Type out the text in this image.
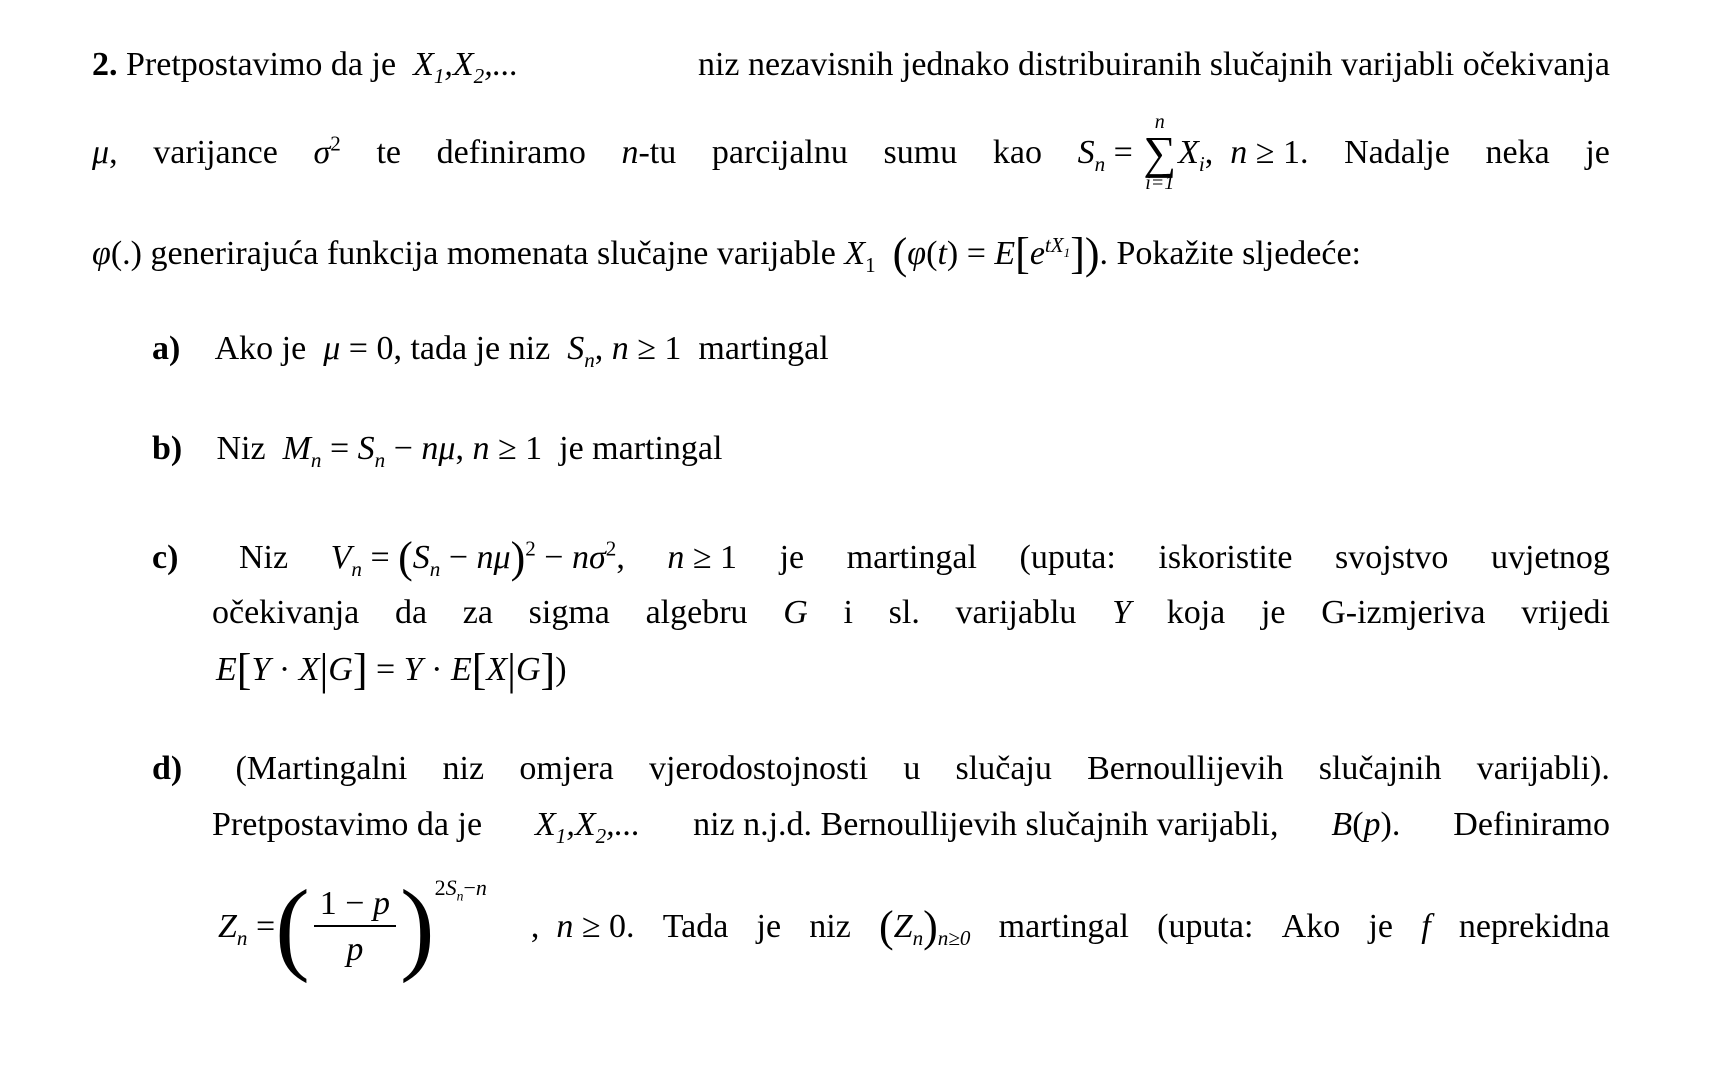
2. Pretpostavimo da je  $X_1,X_2$,...	niz nezavisnih jednako distribuiranih slučajnih varijabli očekivanja
μ, varijance $\sigma^2$ te definiramo n-tu parcijalnu sumu kao $S_n$ =
n
∑
i=1
$X_i$ , n ≥ 1. Nadalje neka je
φ(.) generirajuća funkcija momenata slučajne varijable $X_1$ $(\varphi(t) = E[e^{tX_1}])$. Pokažite sljedeće:
a) Ako je μ = 0, tada je niz $S_n$, n ≥ 1  martingal
b) Niz $M_n = S_n - n\mu$, n ≥ 1  je martingal
c) Niz $V_n = (S_n - n\mu)^2 - n\sigma^2$, n ≥ 1 je martingal (uputa: iskoristite svojstvo uvjetnog
očekivanja da za sigma algebru G i sl. varijablu Y koja je G-izmjeriva vrijedi
E[Y · X|G] = Y · E[X|G])
d) (Martingalni niz omjera vjerodostojnosti u slučaju Bernoullijevih slučajnih varijabli).
Pretpostavimo da je $X_1,X_2$,... niz n.j.d. Bernoullijevih slučajnih varijabli, B(p). Definiramo
$Z_n$ = ( $\frac{1 - p}{p}$ ) $2S_n-n$
,  n ≥ 0. Tada je niz $(Z_n)_{n\ge 0}$ martingal (uputa: Ako je f neprekidna
